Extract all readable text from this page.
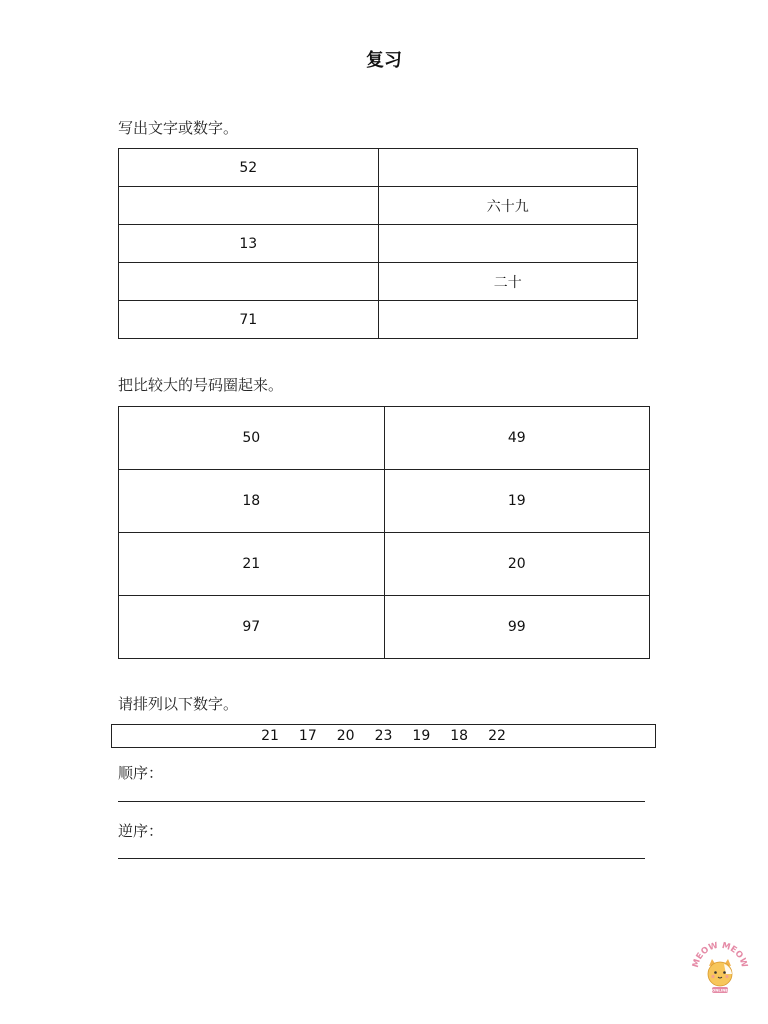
复习
写出文字或数字。
52	
	六十九
13	
	二十
71	
把比较大的号码圈起来。
50	49
18	19
21	20
97	99
请排列以下数字。
21 17 20 23 19 18 22
顺序：
逆序：
MEOW MEOW
ONLINE
